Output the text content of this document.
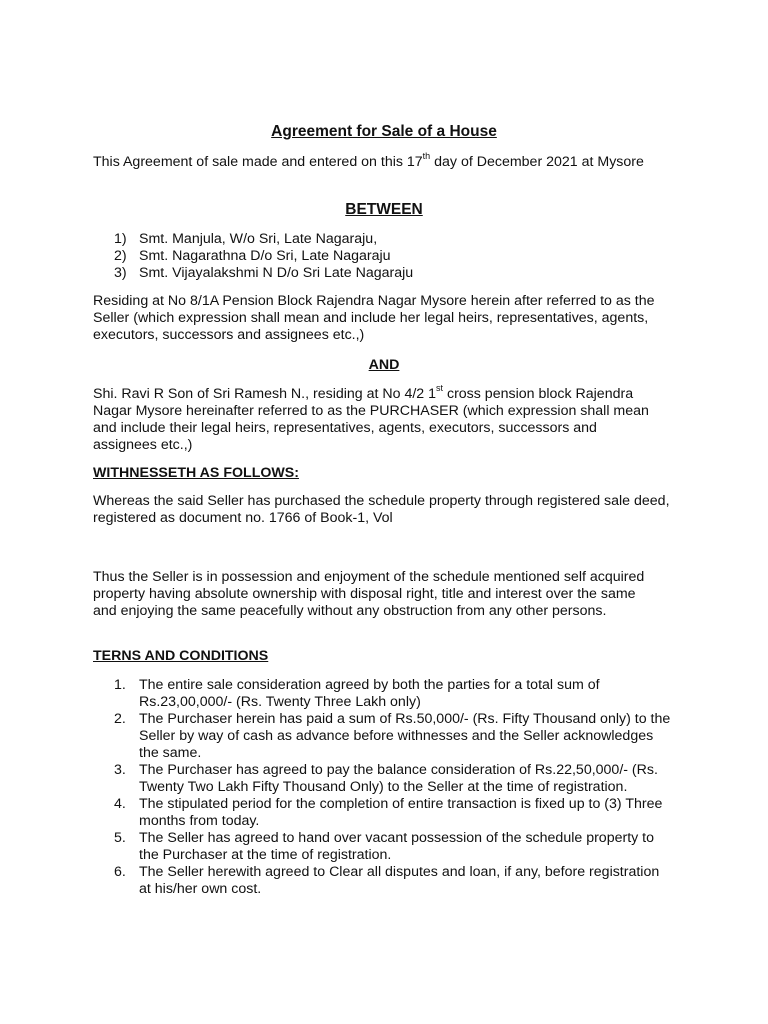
Agreement for Sale of a House
This Agreement of sale made and entered on this 17th day of December 2021 at Mysore
BETWEEN
1) Smt. Manjula, W/o Sri, Late Nagaraju,
2) Smt. Nagarathna D/o Sri, Late Nagaraju
3) Smt. Vijayalakshmi N D/o Sri Late Nagaraju
Residing at No 8/1A Pension Block Rajendra Nagar Mysore herein after referred to as the Seller (which expression shall mean and include her legal heirs, representatives, agents, executors, successors and assignees etc.,)
AND
Shi. Ravi R Son of Sri Ramesh N., residing at No 4/2 1st cross pension block Rajendra Nagar Mysore hereinafter referred to as the PURCHASER (which expression shall mean and include their legal heirs, representatives, agents, executors, successors and assignees etc.,)
WITHNESSETH AS FOLLOWS:
Whereas the said Seller has purchased the schedule property through registered sale deed, registered as document no. 1766 of Book-1, Vol
Thus the Seller is in possession and enjoyment of the schedule mentioned self acquired property having absolute ownership with disposal right, title and interest over the same and enjoying the same peacefully without any obstruction from any other persons.
TERNS AND CONDITIONS
1. The entire sale consideration agreed by both the parties for a total sum of Rs.23,00,000/- (Rs. Twenty Three Lakh only)
2. The Purchaser herein has paid a sum of Rs.50,000/- (Rs. Fifty Thousand only) to the Seller by way of cash as advance before withnesses and the Seller acknowledges the same.
3. The Purchaser has agreed to pay the balance consideration of Rs.22,50,000/- (Rs. Twenty Two Lakh Fifty Thousand Only) to the Seller at the time of registration.
4. The stipulated period for the completion of entire transaction is fixed up to (3) Three months from today.
5. The Seller has agreed to hand over vacant possession of the schedule property to the Purchaser at the time of registration.
6. The Seller herewith agreed to Clear all disputes and loan, if any, before registration at his/her own cost.
